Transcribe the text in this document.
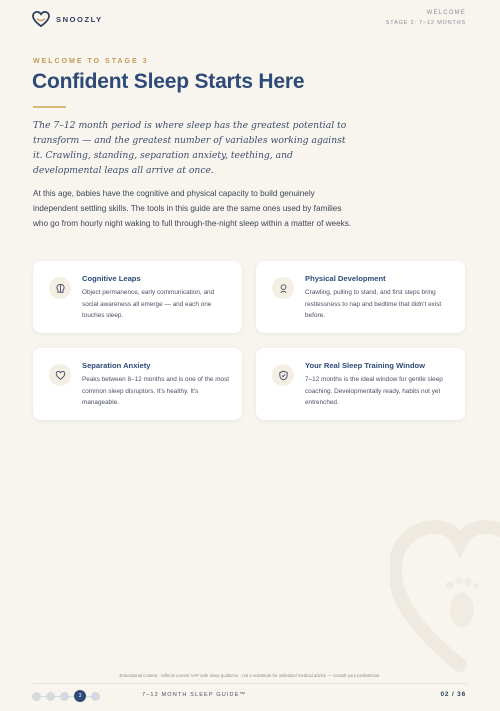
SNOOZLY
WELCOME
STAGE 3: 7–12 MONTHS
WELCOME TO STAGE 3
Confident Sleep Starts Here
The 7–12 month period is where sleep has the greatest potential to transform — and the greatest number of variables working against it. Crawling, standing, separation anxiety, teething, and developmental leaps all arrive at once.
At this age, babies have the cognitive and physical capacity to build genuinely independent settling skills. The tools in this guide are the same ones used by families who go from hourly night waking to full through-the-night sleep within a matter of weeks.
Cognitive Leaps
Object permanence, early communication, and social awareness all emerge — and each one touches sleep.
Physical Development
Crawling, pulling to stand, and first steps bring restlessness to nap and bedtime that didn't exist before.
Separation Anxiety
Peaks between 8–12 months and is one of the most common sleep disruptors. It's healthy. It's manageable.
Your Real Sleep Training Window
7–12 months is the ideal window for gentle sleep coaching. Developmentally ready, habits not yet entrenched.
Educational content · reflects current AAP safe sleep guidance · not a substitute for individual medical advice — consult your pediatrician.
3	7–12 MONTH SLEEP GUIDE™	02 / 36
